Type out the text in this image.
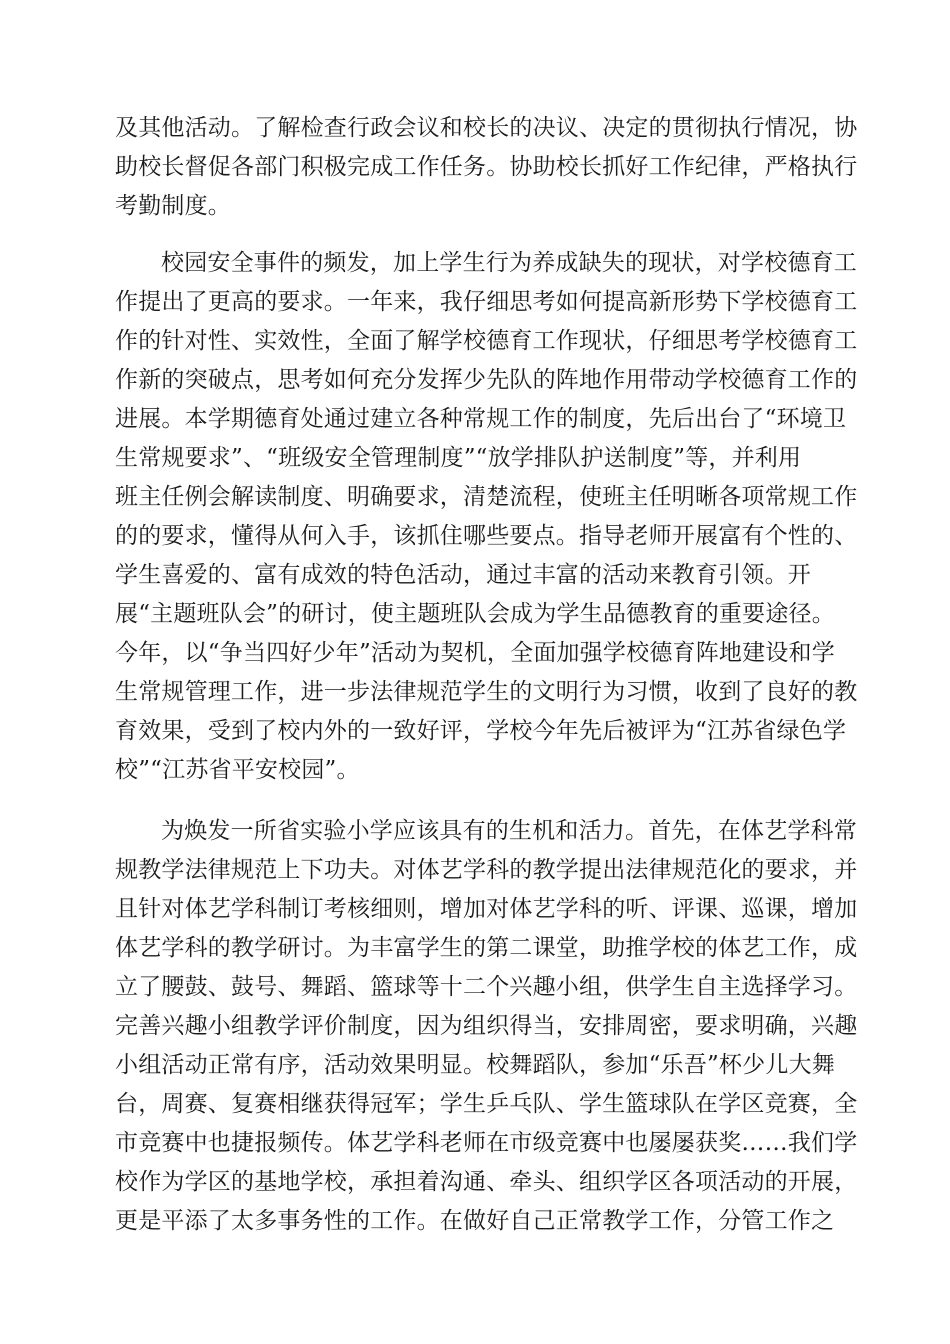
及其他活动。了解检查行政会议和校长的决议、决定的贯彻执行情况，协
助校长督促各部门积极完成工作任务。协助校长抓好工作纪律，严格执行
考勤制度。
校园安全事件的频发，加上学生行为养成缺失的现状，对学校德育工
作提出了更高的要求。一年来，我仔细思考如何提高新形势下学校德育工
作的针对性、实效性，全面了解学校德育工作现状，仔细思考学校德育工
作新的突破点，思考如何充分发挥少先队的阵地作用带动学校德育工作的
进展。本学期德育处通过建立各种常规工作的制度，先后出台了“环境卫
生常规要求”、“班级安全管理制度”“放学排队护送制度”等，并利用
班主任例会解读制度、明确要求，清楚流程，使班主任明晰各项常规工作
的的要求，懂得从何入手，该抓住哪些要点。指导老师开展富有个性的、
学生喜爱的、富有成效的特色活动，通过丰富的活动来教育引领。开
展“主题班队会”的研讨，使主题班队会成为学生品德教育的重要途径。
今年，以“争当四好少年”活动为契机，全面加强学校德育阵地建设和学
生常规管理工作，进一步法律规范学生的文明行为习惯，收到了良好的教
育效果，受到了校内外的一致好评，学校今年先后被评为“江苏省绿色学
校”“江苏省平安校园”。
为焕发一所省实验小学应该具有的生机和活力。首先，在体艺学科常
规教学法律规范上下功夫。对体艺学科的教学提出法律规范化的要求，并
且针对体艺学科制订考核细则，增加对体艺学科的听、评课、巡课，增加
体艺学科的教学研讨。为丰富学生的第二课堂，助推学校的体艺工作，成
立了腰鼓、鼓号、舞蹈、篮球等十二个兴趣小组，供学生自主选择学习。
完善兴趣小组教学评价制度，因为组织得当，安排周密，要求明确，兴趣
小组活动正常有序，活动效果明显。校舞蹈队，参加“乐吾”杯少儿大舞
台，周赛、复赛相继获得冠军；学生乒乓队、学生篮球队在学区竞赛，全
市竞赛中也捷报频传。体艺学科老师在市级竞赛中也屡屡获奖……我们学
校作为学区的基地学校，承担着沟通、牵头、组织学区各项活动的开展，
更是平添了太多事务性的工作。在做好自己正常教学工作，分管工作之
